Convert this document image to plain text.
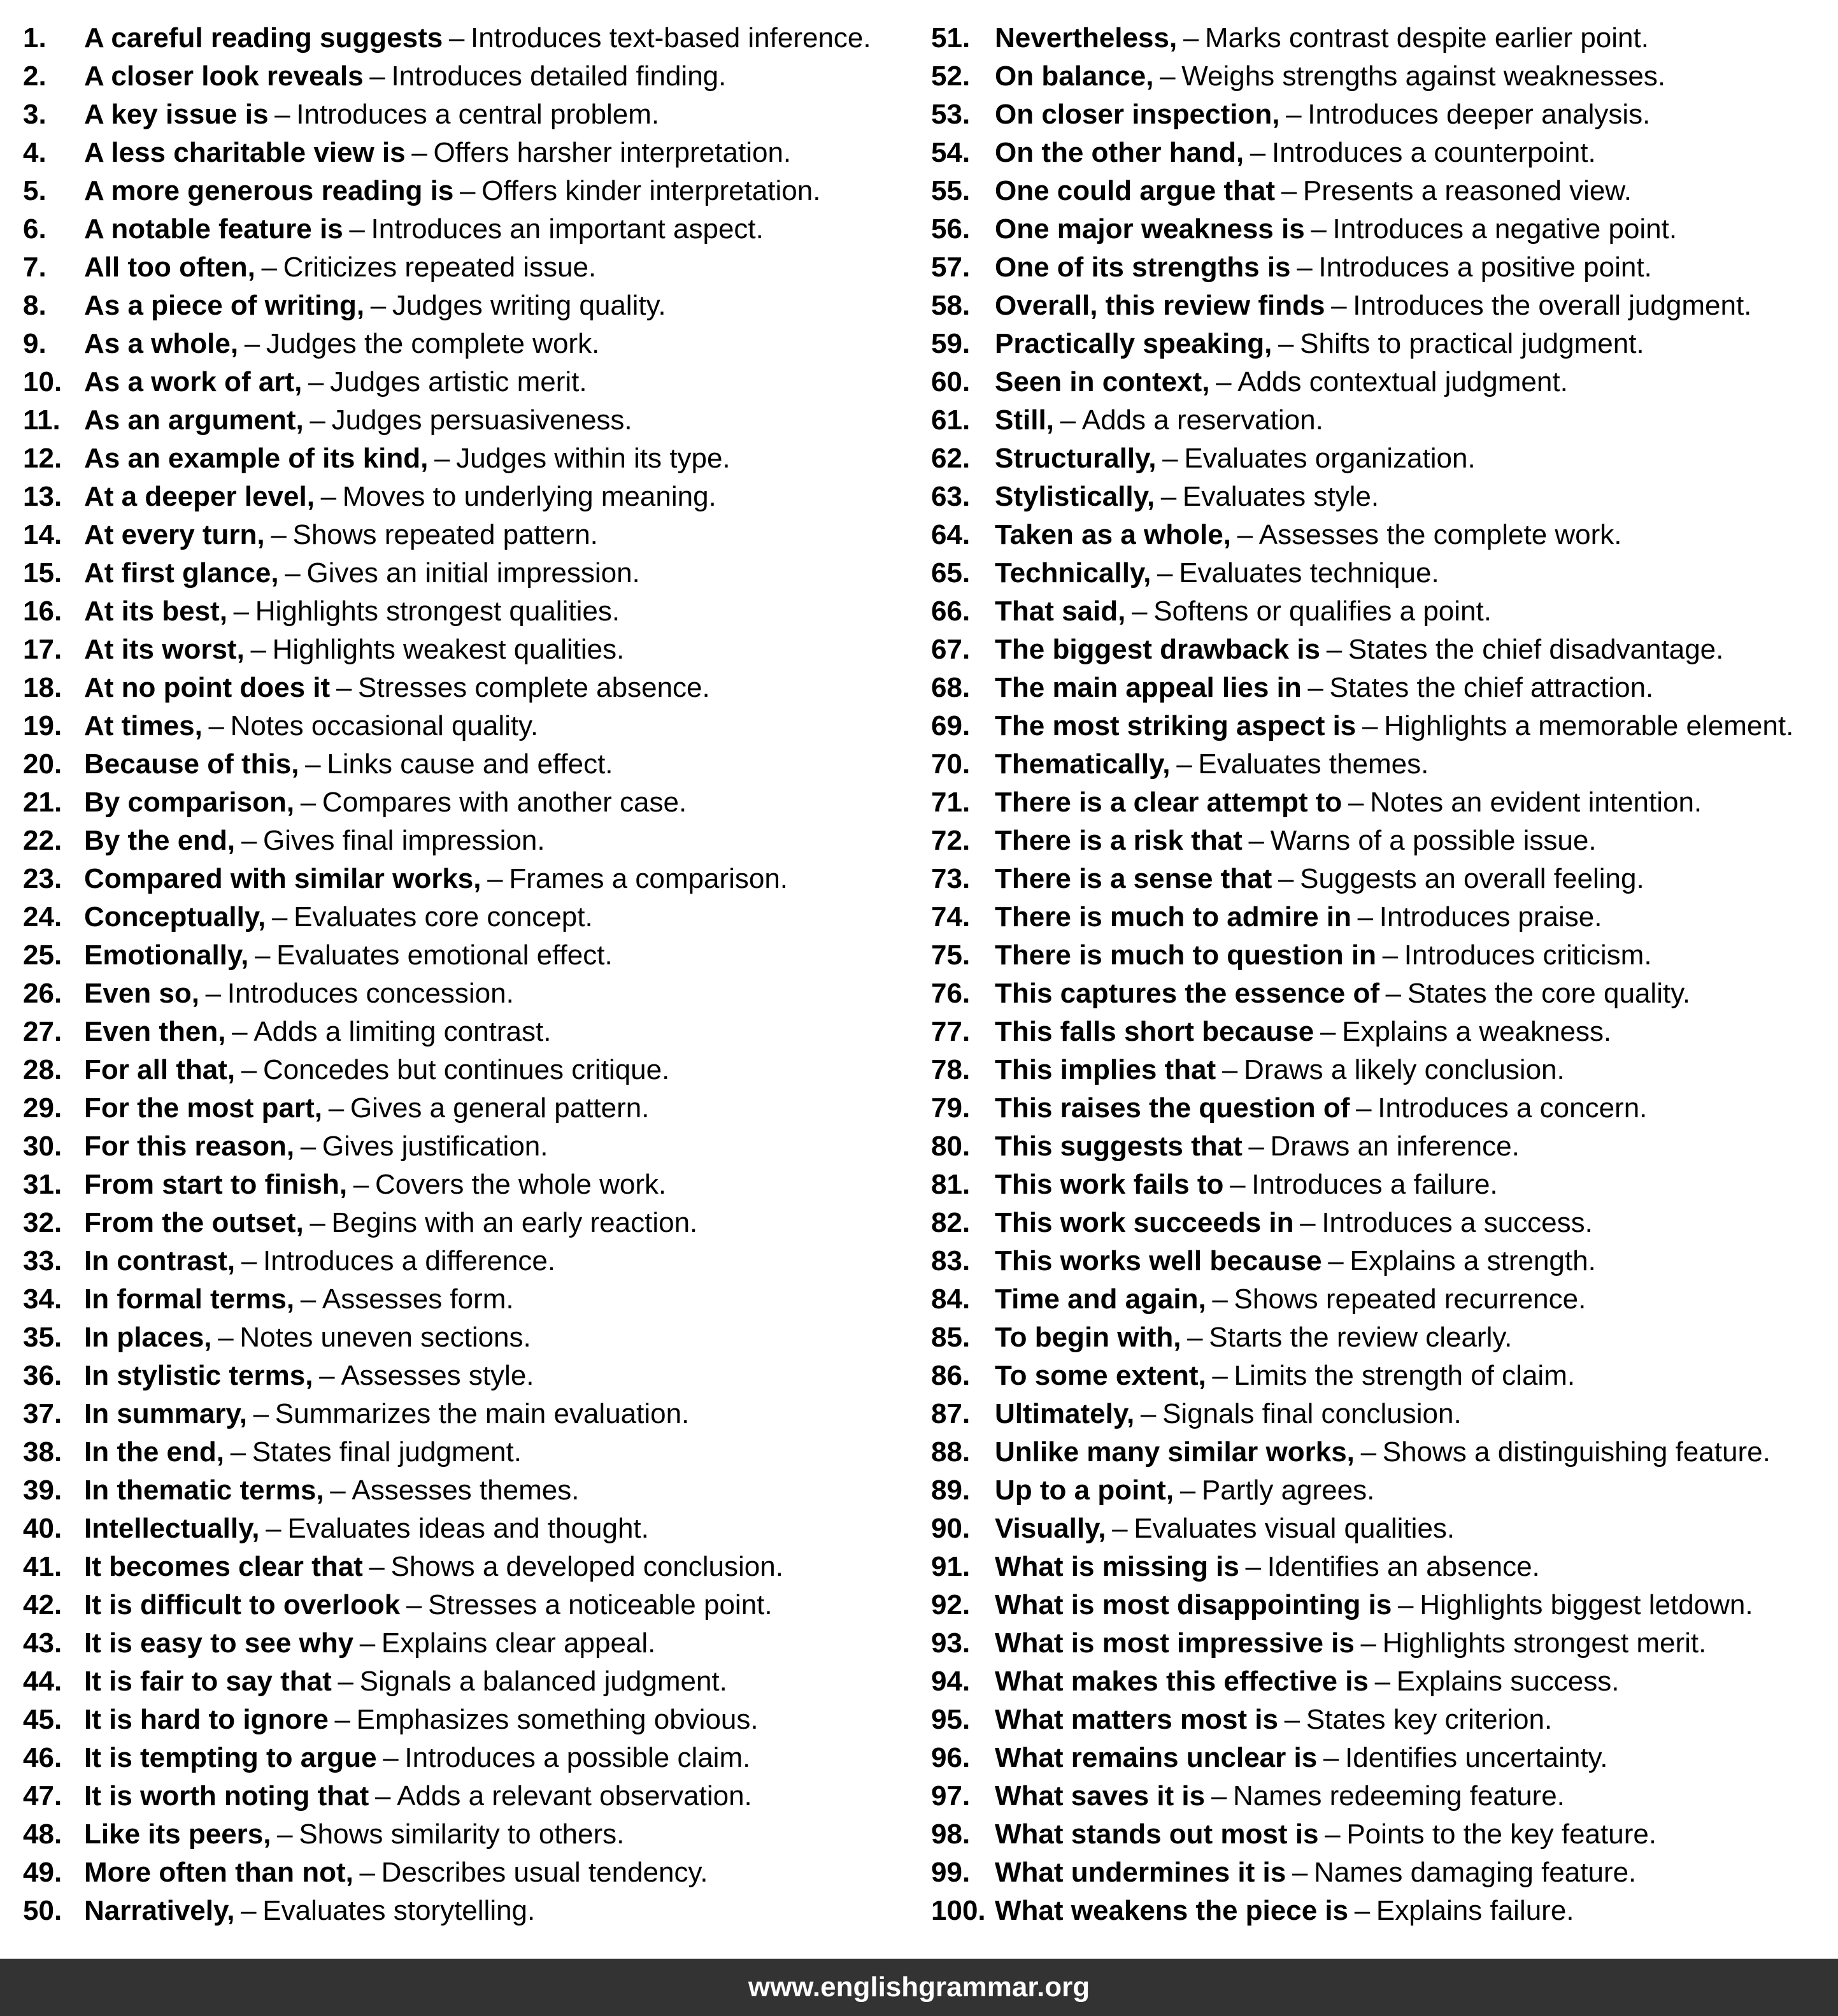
1.	A careful reading suggests – Introduces text-based inference.
2.	A closer look reveals – Introduces detailed finding.
3.	A key issue is – Introduces a central problem.
4.	A less charitable view is – Offers harsher interpretation.
5.	A more generous reading is – Offers kinder interpretation.
6.	A notable feature is – Introduces an important aspect.
7.	All too often, – Criticizes repeated issue.
8.	As a piece of writing, – Judges writing quality.
9.	As a whole, – Judges the complete work.
10. As a work of art, – Judges artistic merit.
11. As an argument, – Judges persuasiveness.
12. As an example of its kind, – Judges within its type.
13. At a deeper level, – Moves to underlying meaning.
14. At every turn, – Shows repeated pattern.
15. At first glance, – Gives an initial impression.
16. At its best, – Highlights strongest qualities.
17. At its worst, – Highlights weakest qualities.
18. At no point does it – Stresses complete absence.
19. At times, – Notes occasional quality.
20. Because of this, – Links cause and effect.
21. By comparison, – Compares with another case.
22. By the end, – Gives final impression.
23. Compared with similar works, – Frames a comparison.
24. Conceptually, – Evaluates core concept.
25. Emotionally, – Evaluates emotional effect.
26. Even so, – Introduces concession.
27. Even then, – Adds a limiting contrast.
28. For all that, – Concedes but continues critique.
29. For the most part, – Gives a general pattern.
30. For this reason, – Gives justification.
31. From start to finish, – Covers the whole work.
32. From the outset, – Begins with an early reaction.
33. In contrast, – Introduces a difference.
34. In formal terms, – Assesses form.
35. In places, – Notes uneven sections.
36. In stylistic terms, – Assesses style.
37. In summary, – Summarizes the main evaluation.
38. In the end, – States final judgment.
39. In thematic terms, – Assesses themes.
40. Intellectually, – Evaluates ideas and thought.
41. It becomes clear that – Shows a developed conclusion.
42. It is difficult to overlook – Stresses a noticeable point.
43. It is easy to see why – Explains clear appeal.
44. It is fair to say that – Signals a balanced judgment.
45. It is hard to ignore – Emphasizes something obvious.
46. It is tempting to argue – Introduces a possible claim.
47. It is worth noting that – Adds a relevant observation.
48. Like its peers, – Shows similarity to others.
49. More often than not, – Describes usual tendency.
50. Narratively, – Evaluates storytelling.
51. Nevertheless, – Marks contrast despite earlier point.
52. On balance, – Weighs strengths against weaknesses.
53. On closer inspection, – Introduces deeper analysis.
54. On the other hand, – Introduces a counterpoint.
55. One could argue that – Presents a reasoned view.
56. One major weakness is – Introduces a negative point.
57. One of its strengths is – Introduces a positive point.
58. Overall, this review finds – Introduces the overall judgment.
59. Practically speaking, – Shifts to practical judgment.
60. Seen in context, – Adds contextual judgment.
61. Still, – Adds a reservation.
62. Structurally, – Evaluates organization.
63. Stylistically, – Evaluates style.
64. Taken as a whole, – Assesses the complete work.
65. Technically, – Evaluates technique.
66. That said, – Softens or qualifies a point.
67. The biggest drawback is – States the chief disadvantage.
68. The main appeal lies in – States the chief attraction.
69. The most striking aspect is – Highlights a memorable element.
70. Thematically, – Evaluates themes.
71. There is a clear attempt to – Notes an evident intention.
72. There is a risk that – Warns of a possible issue.
73. There is a sense that – Suggests an overall feeling.
74. There is much to admire in – Introduces praise.
75. There is much to question in – Introduces criticism.
76. This captures the essence of – States the core quality.
77. This falls short because – Explains a weakness.
78. This implies that – Draws a likely conclusion.
79. This raises the question of – Introduces a concern.
80. This suggests that – Draws an inference.
81. This work fails to – Introduces a failure.
82. This work succeeds in – Introduces a success.
83. This works well because – Explains a strength.
84. Time and again, – Shows repeated recurrence.
85. To begin with, – Starts the review clearly.
86. To some extent, – Limits the strength of claim.
87. Ultimately, – Signals final conclusion.
88. Unlike many similar works, – Shows a distinguishing feature.
89. Up to a point, – Partly agrees.
90. Visually, – Evaluates visual qualities.
91. What is missing is – Identifies an absence.
92. What is most disappointing is – Highlights biggest letdown.
93. What is most impressive is – Highlights strongest merit.
94. What makes this effective is – Explains success.
95. What matters most is – States key criterion.
96. What remains unclear is – Identifies uncertainty.
97. What saves it is – Names redeeming feature.
98. What stands out most is – Points to the key feature.
99. What undermines it is – Names damaging feature.
100. What weakens the piece is – Explains failure.
www.englishgrammar.org
